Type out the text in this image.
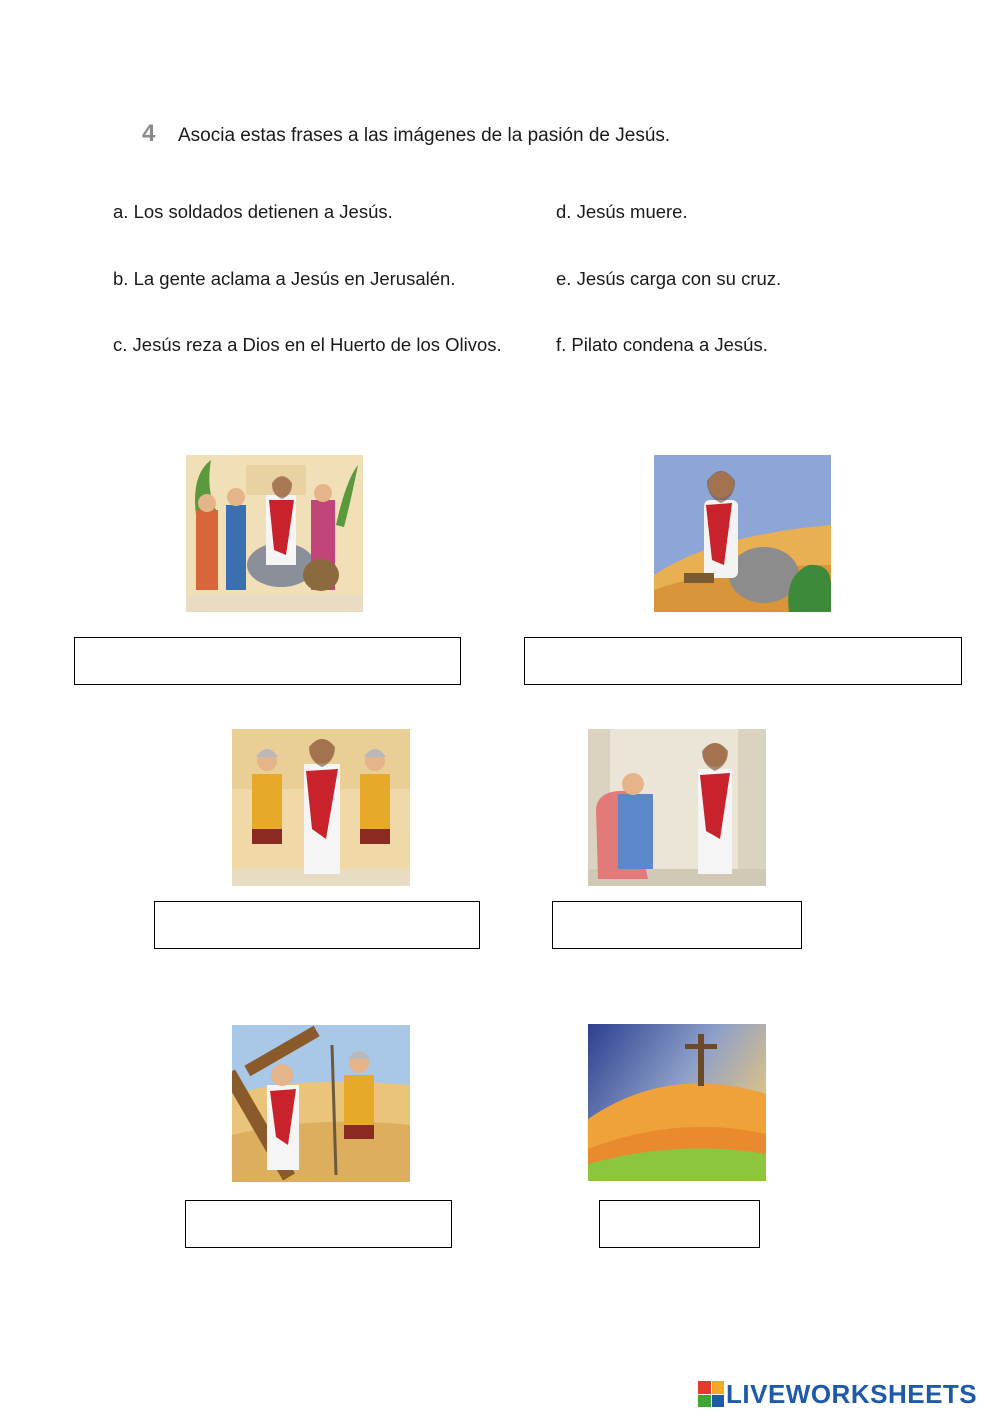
4 Asocia estas frases a las imágenes de la pasión de Jesús.
a. Los soldados detienen a Jesús.
b. La gente aclama a Jesús en Jerusalén.
c. Jesús reza a Dios en el Huerto de los Olivos.
d. Jesús muere.
e. Jesús carga con su cruz.
f. Pilato condena a Jesús.
LIVEWORKSHEETS
